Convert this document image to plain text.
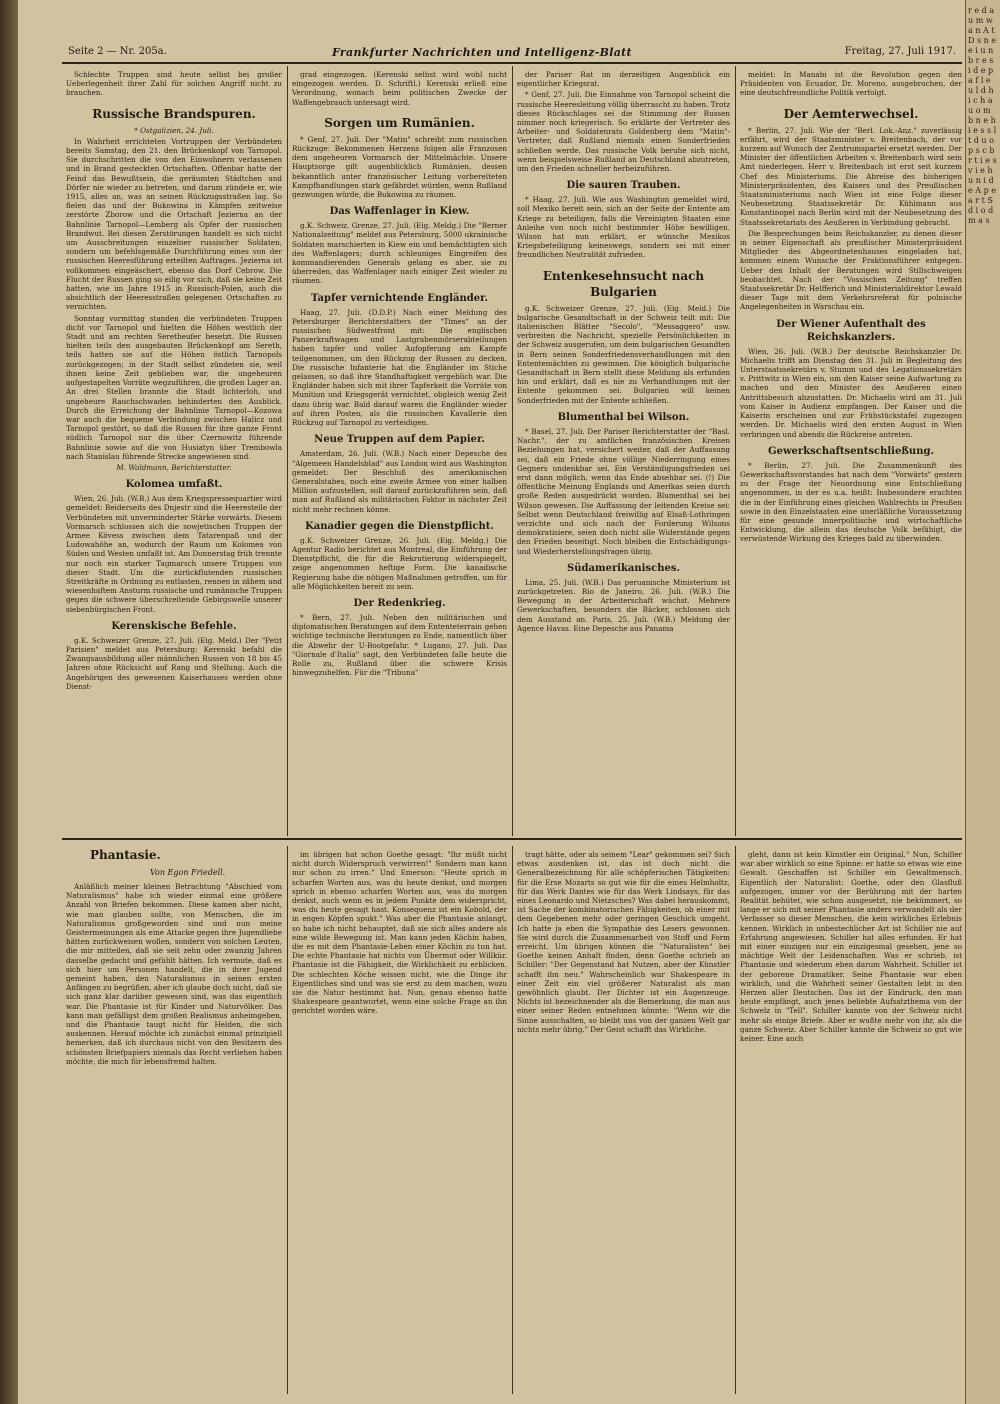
r e d a u m w a n A t D s n e e i u n b r e s i d e p a f l e u l d h i c h a u o m b n e h i e s s l t d u o p s c b r t i e s v i e h u n i d e A p e a r t S d i o d m a s
Seite 2 — Nr. 205a.	Frankfurter Nachrichten und Intelligenz-Blatt	Freitag, 27. Juli 1917.

Schlechte Truppen sind heute selbst bei großer Ueberlegenheit ihrer Zahl für solchen Angriff nicht zu brauchen.

Russische Brandspuren.

* Ostgalizien, 24. Juli.

In Wahrheit errichteten Vortruppen der Verbündeten bereits Samstag, den 21. den Brückenkopf von Tarnopol. Sie durchschritten die von den Einwohnern verlassenen und in Brand gesteckten Ortschaften. Offenbar hatte der Feind das Bewußtsein, die geräumten Städtchen und Dörfer nie wieder zu betreten, und darum zündete er, wie 1915, alles an, was an seinen Rückzugsstraßen lag. So fielen das und der Bukowina in Kämpfen zeitweise zerstörte Zborow und die Ortschaft Jezierna an der Bahnlinie Tarnopol—Lemberg als Opfer der russischen Brandwut. Bei diesen Zerstörungen handelt es sich nicht um Ausschreitungen einzelner russischer Soldaten, sondern um befehlsgemäße Durchführung eines von der russischen Heeresführung erteilten Auftrages. Jezierna ist vollkommen eingeäschert, ebenso das Dorf Cebrow. Die Flucht der Russen ging so eilig vor sich, daß sie keine Zeit hatten, wie im Jahre 1915 in Russisch-Polen, auch die absichtlich der Heeresstraßen gelegenen Ortschaften zu vernichten.

Sonntag vormittag standen die verbündeten Truppen dicht vor Tarnopol und hielten die Höhen westlich der Stadt und am rechten Seretheufer besetzt. Die Russen hielten teils den ausgebauten Brückenkopf am Sereth, teils hatten sie auf die Höhen östlich Tarnopols zurückgezogen; in der Stadt selbst zündeten sie, weil ihnen keine Zeit geblieben war, die ungeheuren aufgestapelten Vorräte wegzuführen, die großen Lager an. An drei Stellen brannte die Stadt lichterloh, und ungeheure Rauchschwaden behinderten den Ausblick. Durch die Erreichung der Bahnlinie Tarnopol—Kozowa war auch die bequeme Verbindung zwischen Halicz und Tarnopol gestört, so daß die Russen für ihre ganze Front südlich Tarnopol nur die über Czernowitz führende Bahnlinie sowie auf die von Husiatyn über Trembowla nach Stanislau führende Strecke angewiesen sind.

M. Waldmann, Berichterstatter.

Kolomea umfaßt.

Wien, 26. Juli. (W.B.) Aus dem Kriegspressequartier wird gemeldet: Beiderseits des Dnjestr sind die Heeresteile der Verbündeten mit unverminderter Stärke vorwärts. Diesem Vormarsch schlossen sich die sowjetischen Truppen der Armee Kövess zwischen dem Tatarenpaß und der Ludowahöhe an, wodurch der Raum um Kolomea von Süden und Westen umfaßt ist. Am Donnerstag früh trennte nur noch ein starker Tagmarsch unsere Truppen von dieser Stadt. Um die zurückflutenden russischen Streitkräfte in Ordnung zu entlasten, rennen in zähem und wiesenhaftem Ansturm russische und rumänische Truppen gegen die schwere überschreitende Gebirgswelle unserer siebenbürgischen Front.

Kerenskische Befehle.

g.K. Schweizer Grenze, 27. Juli. (Eig. Meld.) Der "Petit Parisien" meldet aus Petersburg: Kerenski befahl die Zwangsausbildung aller männlichen Russen von 18 bis 45 Jahren ohne Rücksicht auf Rang und Stellung. Auch die Angehörigen des gewesenen Kaiserhauses werden ohne Dienst-

grad eingezogen. (Kerenski selbst wird wohl nicht eingezogen werden. D. Schriftl.) Kerenski erließ eine Verordnung, wonach beim politischen Zwecke der Waffengebrauch untersagt wird.

Sorgen um Rumänien.

* Genf, 27. Juli. Der "Matin" schreibt zum russischen Rückzuge: Bekommenen Herzens folgen alle Franzosen dem ungeheuren Vormarsch der Mittelmächte. Unsere Hauptsorge gilt augenblicklich Rumänien, dessen bekanntlich unter französischer Leitung vorbereiteten Kampfhandlungen stark gefährdet würden, wenn Rußland gezwungen würde, die Bukowina zu räumen.

Das Waffenlager in Kiew.

g.K. Schweiz. Grenze, 27. Juli. (Eig. Meldg.) Die "Berner Nationalzeitung" meldet aus Petersburg, 5000 ukrainische Soldaten marschierten in Kiew ein und bemächtigten sich des Waffenlagers; durch schleuniges Eingreifen des kommandierenden Generals gelang es aber, sie zu überreden, das Waffenlager nach einiger Zeit wieder zu räumen.

Tapfer vernichtende Engländer.

Haag, 27. Juli. (D.D.P.) Nach einer Meldung des Petersburger Berichterstatters der "Times" an der russischen Südwestfront mit: Die englischen Panzerkraftwagen und Lastgrabenmörserabteilungen haben tapfer und voller Aufopferung am Kampfe teilgenommen, um den Rückzug der Russen zu decken. Die russische Infanterie hat die Engländer im Stiche gelassen, so daß ihre Standhaftigkeit vergeblich war. Die Engländer haben sich mit ihrer Tapferkeit die Vorräte von Munition und Kriegsgerät vernichtet, obgleich wenig Zeit dazu übrig war. Bald darauf waren die Engländer wieder auf ihren Posten, als die russischen Kavallerie den Rückzug auf Tarnopol zu verteidigen.

Neue Truppen auf dem Papier.

Amsterdam, 26. Juli. (W.B.) Nach einer Depesche des "Algemeen Handelsblad" aus London wird aus Washington gemeldet: Der Beschluß des amerikanischen Generalstabes, noch eine zweite Armee von einer halben Million aufzustellen, soll darauf zurückzuführen sein, daß man auf Rußland als militärischen Faktor in nächster Zeit nicht mehr rechnen könne.

Kanadier gegen die Dienstpflicht.

g.K. Schweizer Grenze, 26. Juli. (Eig. Meldg.) Die Agentur Radio berichtet aus Montreal, die Einführung der Dienstpflicht, die für die Rekrutierung widerspiegelt, zeige angenommen heftige Form. Die kanadische Regierung habe die nötigen Maßnahmen getroffen, um für alle Möglichkeiten bereit zu sein.

Der Redenkrieg.

* Bern, 27. Juli. Neben den militärischen und diplomatischen Beratungen auf dem Ententeterrain gehen wichtige technische Beratungen zu Ende, namentlich über die Abwehr der U-Bootgefahr. * Lugano, 27. Juli. Das "Giornale d'Italia" sagt, den Verbündeten falle heute die Rolle zu, Rußland über die schwere Krisis hinwegzuhelfen. Für die "Tribuna"

der Pariser Rat im derzeitigen Augenblick ein eigentlicher Kriegsrat.

* Genf, 27. Juli. Die Einnahme von Tarnopol scheint die russische Heeresleitung völlig überrascht zu haben. Trotz dieses Rückschlages sei die Stimmung der Russen nimmer noch kriegerisch. So erklärte der Vertreter des Arbeiter- und Soldatenrats Goldenberg dem "Matin"-Vertreter, daß Rußland niemals einen Sonderfrieden schließen werde. Das russische Volk beruhe sich nicht, wenn beispielsweise Rußland an Deutschland abzutreten, um den Frieden schneller herbeizuführen.

Die sauren Trauben.

* Haag, 27. Juli. Wie aus Washington gemeldet wird, soll Mexiko bereit sein, sich an der Seite der Entente am Kriege zu beteiligen, falls die Vereinigten Staaten eine Anleihe von noch nicht bestimmter Höhe bewilligen. Wilson hat nun erklärt, er wünsche Mexikos Kriegsbeteiligung keineswegs, sondern sei mit einer freundlichen Neutralität zufrieden.

Entenkesehnsucht nach Bulgarien

g.K. Schweizer Grenze, 27. Juli. (Eig. Meld.) Die bulgarische Gesandtschaft in der Schweiz teilt mit: Die italienischen Blätter "Secolo", "Messaggero" usw. verbreiten die Nachricht, spezielle Persönlichkeiten in der Schweiz ausgerufen, um dem bulgarischen Gesandten in Bern seinen Sonderfriedensverhandlungen mit den Ententemächten zu gewinnen. Die königlich bulgarische Gesandtschaft in Bern stellt diese Meldung als erfunden hin und erklärt, daß es nie zu Verhandlungen mit der Entente gekommen sei. Bulgarien will keinen Sonderfrieden mit der Entente schließen.

Blumenthal bei Wilson.

* Basel, 27. Juli. Der Pariser Berichterstatter der "Basl. Nachr.", der zu amtlichen französischen Kreisen Beziehungen hat, versichert weiter, daß der Auffassung sei, daß ein Friede ohne völlige Niederringung eines Gegners undenkbar sei. Ein Verständigungsfrieden sei erst dann möglich, wenn das Ende absehbar sei. (!) Die öffentliche Meinung Englands und Amerikas seien durch große Reden ausgedrückt worden. Blumenthal sei bei Wilson gewesen. Die Auffassung der leitenden Kreise sei: Selbst wenn Deutschland freiwillig auf Elsaß-Lothringen verzichte und sich nach der Forderung Wilsons demokratisiere, seien doch nicht alle Widerstände gegen den Frieden beseitigt. Noch bleiben die Entschädigungs- und Wiederherstellungsfragen übrig.

Südamerikanisches.

Lima, 25. Juli. (W.B.) Das peruanische Ministerium ist zurückgetreten. Rio de Janeiro, 26. Juli. (W.B.) Die Bewegung in der Arbeiterschaft wächst. Mehrere Gewerkschaften, besonders die Bäcker, schlossen sich dem Ausstand an. Paris, 25. Juli. (W.B.) Meldung der Agence Havas. Eine Depesche aus Panama

meldet: In Manabi ist die Revolution gegen den Präsidenten von Ecuador, Dr. Moreno, ausgebrochen, der eine deutschfreundliche Politik verfolgt.

Der Aemterwechsel.

* Berlin, 27. Juli. Wie der "Berl. Lok.-Anz." zuverlässig erfährt, wird der Staatsminister v. Breitenbach, der vor kurzem auf Wunsch der Zentrumspartei ersetzt werden. Der Minister der öffentlichen Arbeiten v. Breitenbach wird sein Amt niederlegen. Herr v. Breitenbach ist erst seit kurzem Chef des Ministeriums. Die Abreise des bisherigen Ministerpräsidenten, des Kaisers und des Preußischen Staatsministeriums nach Wien ist eine Folge dieser Neubesetzung. Staatssekretär Dr. Kühlmann aus Konstantinopel nach Berlin wird mit der Neubesetzung des Staatssekretariats des Aeußeren in Verbindung gebracht.

Die Besprechungen beim Reichskanzler, zu denen dieser in seiner Eigenschaft als preußischer Ministerpräsident Mitglieder des Abgeordnetenhauses eingeladen hat, kommen einem Wunsche der Fraktionsführer entgegen. Ueber den Inhalt der Beratungen wird Stillschweigen beobachtet. Nach der "Vossischen Zeitung" treffen Staatssekretär Dr. Helfferich und Ministerialdirektor Lewald dieser Tage mit dem Verkehrsreferat für polnische Angelegenheiten in Warschau ein.

Der Wiener Aufenthalt des Reichskanzlers.

Wien, 26. Juli. (W.B.) Der deutsche Reichskanzler Dr. Michaelis trifft am Dienstag den 31. Juli in Begleitung des Unterstaatssekretärs v. Stumm und des Legationssekretärs v. Prittwitz in Wien ein, um den Kaiser seine Aufwartung zu machen und den Minister des Aeußeren einen Antrittsbesuch abzustatten. Dr. Michaelis wird am 31. Juli vom Kaiser in Audienz empfangen. Der Kaiser und die Kaiserin erscheinen und zur Frühstückstafel zugezogen werden. Dr. Michaelis wird den ersten August in Wien verbringen und abends die Rückreise antreten.

Gewerkschaftsentschließung.

* Berlin, 27. Juli. Die Zusammenkunft des Gewerkschaftsvorstandes hat nach dem "Vorwärts" gestern zu der Frage der Neuordnung eine Entschließung angenommen, in der es u.a. heißt: Insbesondere erachten die in der Einführung eines gleichen Wahlrechts in Preußen sowie in den Einzelstaaten eine unerläßliche Voraussetzung für eine gesunde innerpolitische und wirtschaftliche Entwicklung, die allein das deutsche Volk befähigt, die verwüstende Wirkung des Krieges bald zu überwinden.

Phantasie.
Von Egon Friedell.

Anläßlich meiner kleinen Betrachtung "Abschied vom Naturalismus" habe ich wieder einmal eine größere Anzahl von Briefen bekommen. Diese kamen aber nicht, wie man glauben sollte, von Menschen, die im Naturalismus großgeworden sind und nun meine Geistermeinungen als eine Attacke gegen ihre Jugendliebe hätten zurückweisen wollen, sondern von solchen Leuten, die mir mitteilen, daß sie seit zehn oder zwanzig Jahren dasselbe gedacht und gefühlt hätten. Ich vermute, daß es sich hier um Personen handelt, die in ihrer Jugend gemeint haben, den Naturalismus in seinen ersten Anfängen zu begrüßen, aber ich glaube doch nicht, daß sie sich ganz klar darüber gewesen sind, was das eigentlich war. Die Phantasie ist für Kinder und Naturvölker. Das kann man gefälligst dem großen Realismus anheimgeben, und die Phantasie taugt nicht für Helden, die sich auskennen. Herauf möchte ich zunächst einmal prinzipiell bemerken, daß ich durchaus nicht von den Besitzern des schönsten Briefpapiers niemals das Recht verliehen haben möchte, die mich für lebensfremd halten.

im übrigen hat schon Goethe gesagt: "Ihr müßt nicht nicht durch Widerspruch verwirren!" Sondern man kann nur schon zu irren." Und Emerson: "Heute sprich in scharfen Worten aus, was du heute denkst, und morgen sprich in ebenso scharfen Worten aus, was du morgen denkst, auch wenn es in jedem Punkte dem widerspricht, was du heute gesagt hast. Konsequenz ist ein Kobold, der in engen Köpfen spukt." Was aber die Phantasie anlangt, so habe ich nicht behauptet, daß sie sich alles andere als eine wilde Bewegung ist. Man kann jeden Köchin haben, die es mit dem Phantasie-Leben einer Köchin zu tun hat. Die echte Phantasie hat nichts von Übermut oder Willkür. Phantasie ist die Fähigkeit, die Wirklichkeit zu erblicken. Die schlechten Köche wissen nicht, wie die Dinge ihr Eigentliches sind und was sie erst zu dem machen, wozu sie die Natur bestimmt hat. Nun, genau ebenso hatte Shakespeare geantwortet, wenn eine solche Frage an ihn gerichtet worden wäre.

tragt hätte, oder als seinem "Lear" gekommen sei? Sich etwas ausdenken ist, das ist doch nicht die Generalbezeichnung für alle schöpferischen Tätigkeiten: für die Erse Mozarts so gut wie für die eines Helmholtz, für das Werk Dantes wie für das Werk Lindsays, für das eines Leonardo und Nietzsches? Was dabei herauskommt, ist Sache der kombinatorischen Fähigkeiten, ob einer mit dem Gegebenen mehr oder geringen Geschick umgeht. Ich hatte ja eben die Sympathie des Lesers gewonnen. Sie wird durch die Zusammenarbeit von Stoff und Form erreicht. Um übrigen können die "Naturalisten" bei Goethe keinen Anhalt finden, denn Goethe schrieb an Schiller: "Der Gegenstand hat Nutzen, aber der Künstler schafft ihn neu." Wahrscheinlich war Shakespeare in einer Zeit ein viel größerer Naturalist als man gewöhnlich glaubt. Der Dichter ist ein Augenzeuge. Nichts ist bezeichnender als die Bemerkung, die man aus einer seiner Reden entnehmen könnte: "Wenn wir die Sinne ausschalten, so bleibt uns von der ganzen Welt gar nichts mehr übrig." Der Geist schafft das Wirkliche.

gleht, dann ist kein Künstler ein Original." Nun, Schiller war aber wirklich so eine Spinne: er hatte so etwas wie eine Gewalt. Geschaffen ist Schiller ein Gewaltmensch. Eigentlich der Naturalist: Goethe, oder den Glasfluß aufgezogen, immer vor der Berührung mit der harten Realität behütet, wie schon ausgesetzt, nie bekümmert, so lange er sich mit seiner Phantasie anders verwandelt als der Verfasser so dieser Menschen, die kein wirkliches Erlebnis kennen. Wirklich in unbestechlicher Art ist Schiller nie auf Erfahrung angewiesen. Schiller hat alles erfunden. Er hat mit einer einzigen nur ein einzigesmal gesehen, jene so mächtige Welt der Leidenschaften. Was er schrieb, ist Phantasie und wiederum eben darum Wahrheit. Schiller ist der geborene Dramatiker. Seine Phantasie war eben wirklich, und die Wahrheit seiner Gestalten lebt in den Herzen aller Deutschen. Das ist der Eindruck, den man heute empfängt, auch jenes beliebte Aufsatzthema von der Schwelz in "Tell". Schiller kannte von der Schweiz nicht mehr als einige Briefe. Aber er wußte mehr von ihr, als die ganze Schweiz. Aber Schiller kannte die Schweiz so gut wie keiner. Eine auch
